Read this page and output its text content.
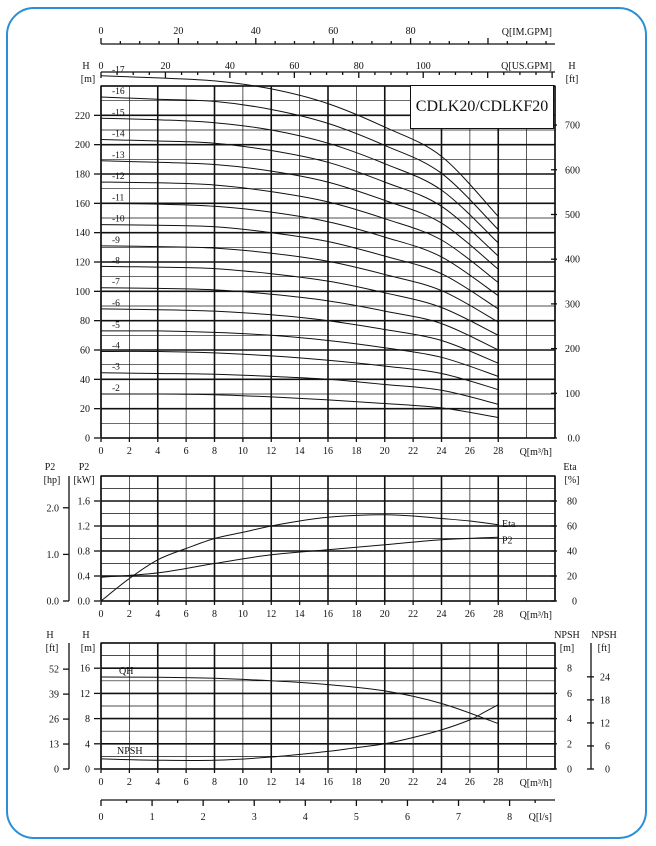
0	20	40	60	80	Q[IM.GPM]
0	20	40	60	80	100	Q[US.GPM]
0 2 4 6 8 10 12 14 16 18 20 22 24 26 28 Q[m³/h]
0
20
40
60
80
100
120
140
160
180
200
220
H
[m]
0.0
100
200
300
400
500
600
700
H
[ft]
-2
-3
-4
-5
-6
-7
-8
-9
-10
-11
-12
-13
-14
-15
-16
-17
0 2 4 6 8 10 12 14 16 18 20 22 24 26 28 Q[m³/h]
0.0
0.4
0.8
1.2
1.6
P2
[kW]
0.0
1.0
2.0
P2
[hp]
0
20
40
60
80
Eta
[%]
P2
Eta
0 2 4 6 8 10 12 14 16 18 20 22 24 26 28 Q[m³/h]
0
4
8
12
16
H
[m]
0
13
26
39
52
H
[ft]
0
2
4
6
8
NPSH
[m]
0
6
12
18
24
NPSH
[ft]
QH
NPSH
0	1	2	3	4	5	6	7	8 Q[l/s]
CDLK20/CDLKF20
